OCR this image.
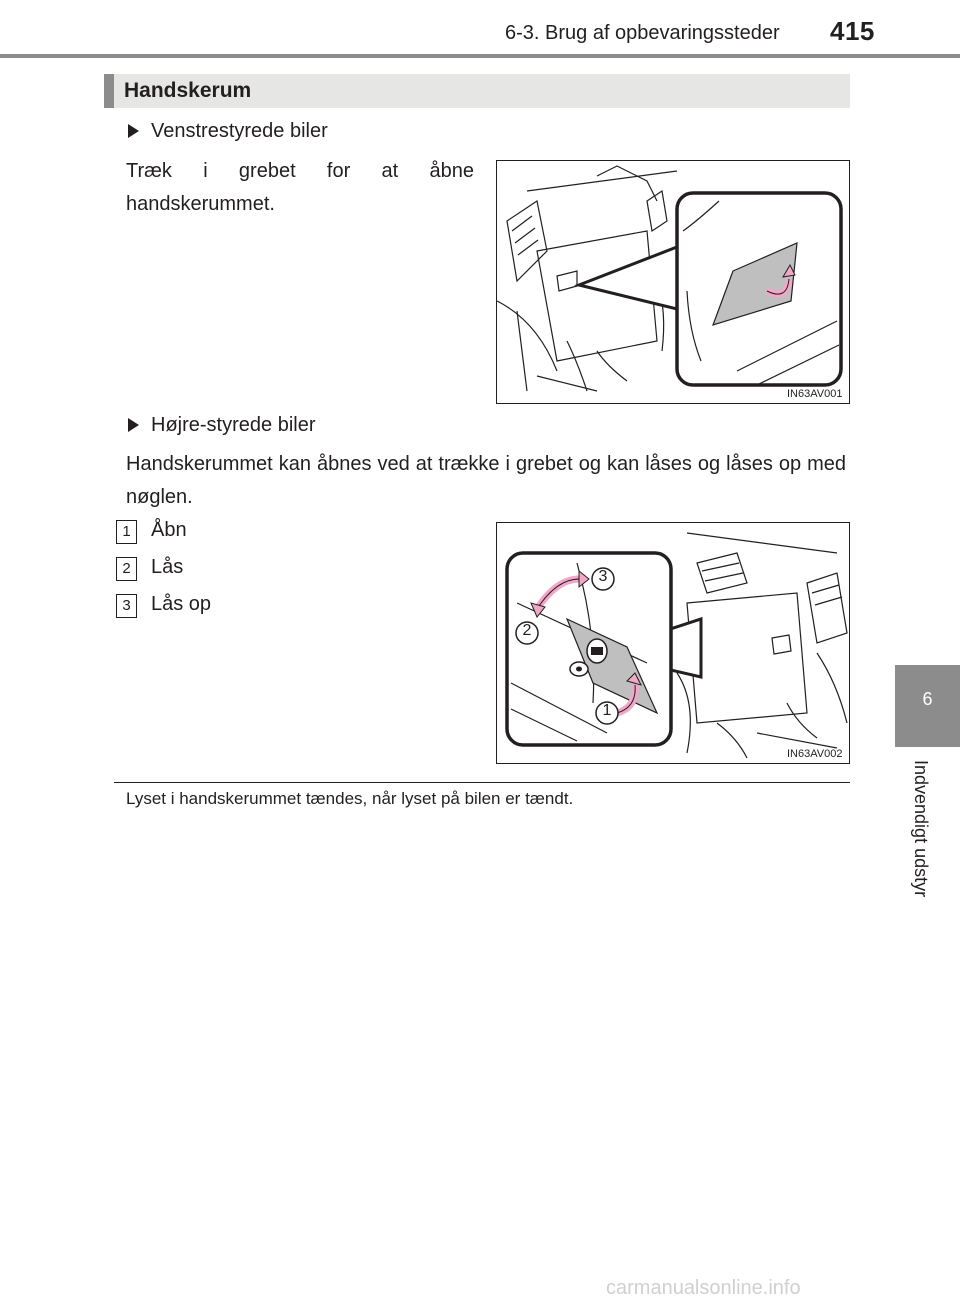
6-3. Brug af opbevaringssteder 415
Handskerum
Venstrestyrede biler
Træk i grebet for at åbne handskerummet.
IN63AV001
Højre-styrede biler
Handskerummet kan åbnes ved at trække i grebet og kan låses og låses op med nøglen.
1	Åbn
2	Lås
3	Lås op
3
2
1
IN63AV002
Lyset i handskerummet tændes, når lyset på bilen er tændt.
6
Indvendigt udstyr
carmanualsonline.info
